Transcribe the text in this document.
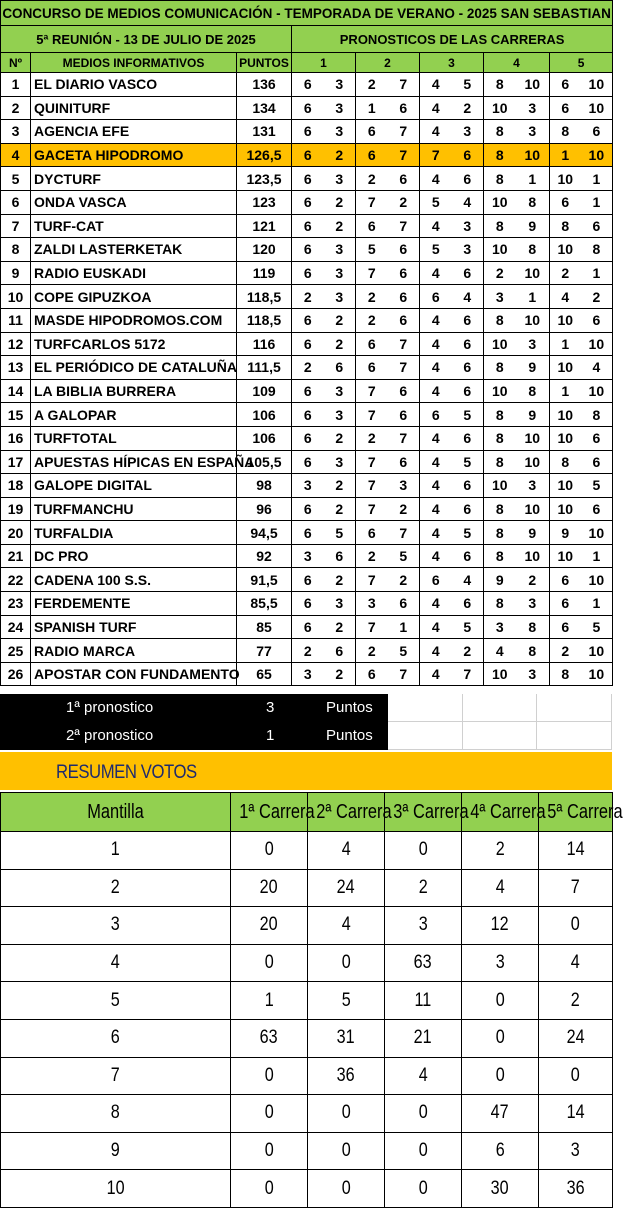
CONCURSO DE MEDIOS COMUNICACIÓN - TEMPORADA DE VERANO - 2025 SAN SEBASTIAN												
5ª REUNIÓN - 13 DE JULIO DE 2025			PRONOSTICOS DE LAS CARRERAS									
Nº	MEDIOS INFORMATIVOS	PUNTOS	1		2		3		4		5	
1	EL DIARIO VASCO	136	6	3	2	7	4	5	8	10	6	10
2	QUINITURF	134	6	3	1	6	4	2	10	3	6	10
3	AGENCIA EFE	131	6	3	6	7	4	3	8	3	8	6
4	GACETA HIPODROMO	126,5	6	2	6	7	7	6	8	10	1	10
5	DYCTURF	123,5	6	3	2	6	4	6	8	1	10	1
6	ONDA VASCA	123	6	2	7	2	5	4	10	8	6	1
7	TURF-CAT	121	6	2	6	7	4	3	8	9	8	6
8	ZALDI LASTERKETAK	120	6	3	5	6	5	3	10	8	10	8
9	RADIO EUSKADI	119	6	3	7	6	4	6	2	10	2	1
10	COPE GIPUZKOA	118,5	2	3	2	6	6	4	3	1	4	2
11	MASDE HIPODROMOS.COM	118,5	6	2	2	6	4	6	8	10	10	6
12	TURFCARLOS 5172	116	6	2	6	7	4	6	10	3	1	10
13	EL PERIÓDICO DE CATALUÑA	111,5	2	6	6	7	4	6	8	9	10	4
14	LA BIBLIA BURRERA	109	6	3	7	6	4	6	10	8	1	10
15	A GALOPAR	106	6	3	7	6	6	5	8	9	10	8
16	TURFTOTAL	106	6	2	2	7	4	6	8	10	10	6
17	APUESTAS HÍPICAS EN ESPAÑA	105,5	6	3	7	6	4	5	8	10	8	6
18	GALOPE DIGITAL	98	3	2	7	3	4	6	10	3	10	5
19	TURFMANCHU	96	6	2	7	2	4	6	8	10	10	6
20	TURFALDIA	94,5	6	5	6	7	4	5	8	9	9	10
21	DC PRO	92	3	6	2	5	4	6	8	10	10	1
22	CADENA 100 S.S.	91,5	6	2	7	2	6	4	9	2	6	10
23	FERDEMENTE	85,5	6	3	3	6	4	6	8	3	6	1
24	SPANISH TURF	85	6	2	7	1	4	5	3	8	6	5
25	RADIO MARCA	77	2	6	2	5	4	2	4	8	2	10
26	APOSTAR CON FUNDAMENTO	65	3	2	6	7	4	7	10	3	8	10
1ª pronostico	3	Puntos
2ª pronostico	1	Puntos
RESUMEN VOTOS
Mantilla	1ª Carrera	2ª Carrera	3ª Carrera	4ª Carrera	5ª Carrera
1	0	4	0	2	14
2	20	24	2	4	7
3	20	4	3	12	0
4	0	0	63	3	4
5	1	5	11	0	2
6	63	31	21	0	24
7	0	36	4	0	0
8	0	0	0	47	14
9	0	0	0	6	3
10	0	0	0	30	36
